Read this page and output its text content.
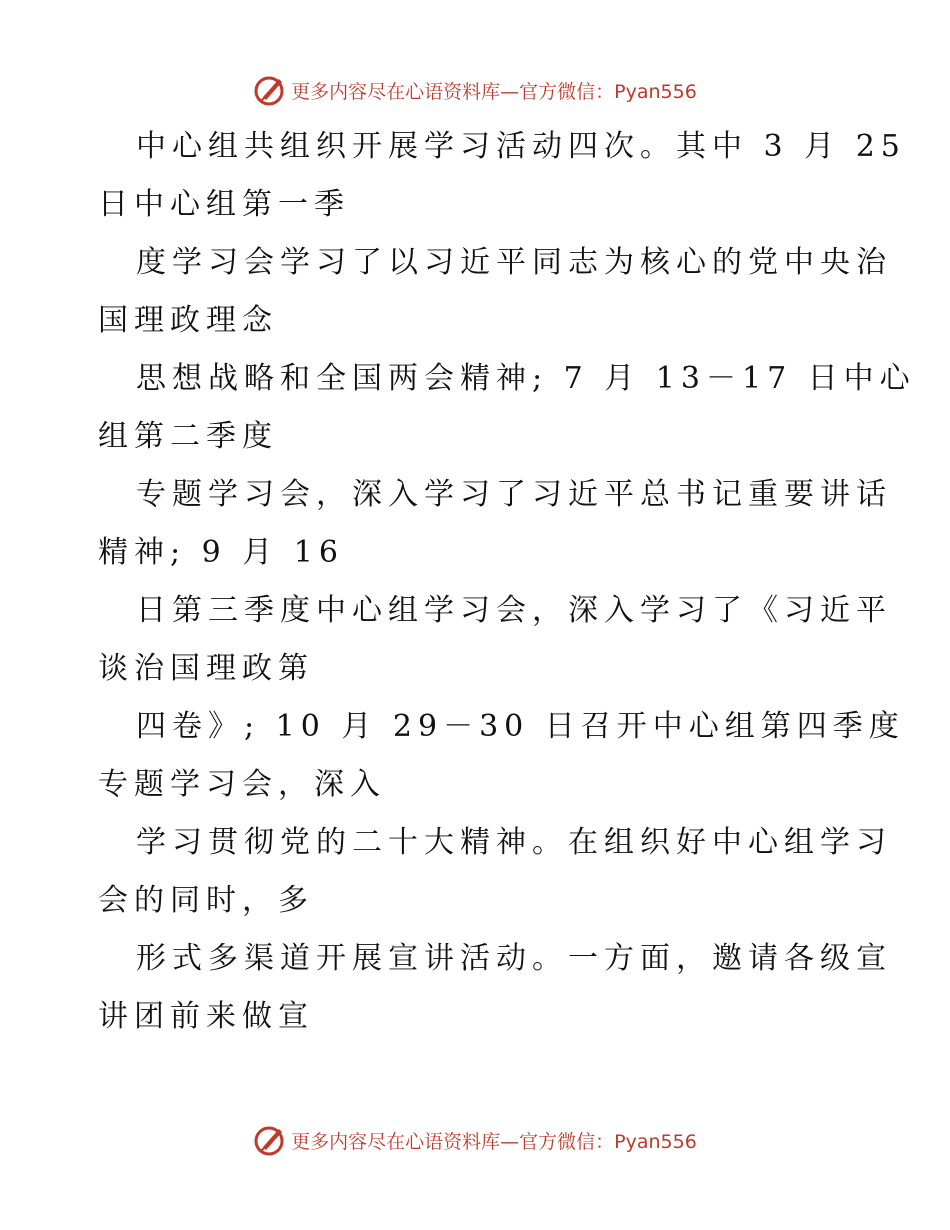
更多内容尽在心语资料库—官方微信：Pyan556

中心组共组织开展学习活动四次。其中 3 月 25

日中心组第一季

度学习会学习了以习近平同志为核心的党中央治

国理政理念

思想战略和全国两会精神; 7 月 13－17 日中心

组第二季度

专题学习会，深入学习了习近平总书记重要讲话

精神; 9 月 16

日第三季度中心组学习会，深入学习了《习近平

谈治国理政第

四卷》; 10 月 29－30 日召开中心组第四季度

专题学习会，深入

学习贯彻党的二十大精神。在组织好中心组学习

会的同时，多

形式多渠道开展宣讲活动。一方面，邀请各级宣

讲团前来做宣

更多内容尽在心语资料库—官方微信：Pyan556
